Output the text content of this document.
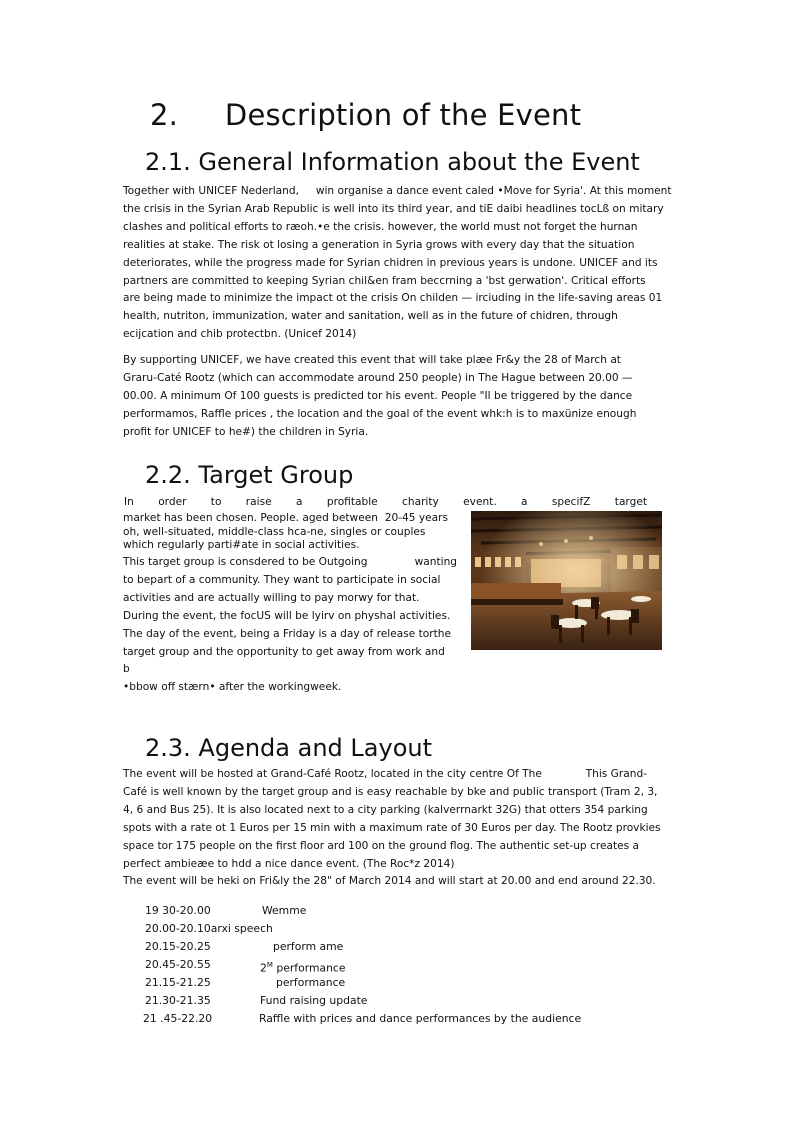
2. Description of the Event
2.1. General Information about the Event

Together with UNICEF Nederland,     win organise a dance event caled •Move for Syria'. At this moment

the crisis in the Syrian Arab Republic is well into its third year, and tiE daibi headlines tocLß on mitary

clashes and political efforts to ræoh.•e the crisis. however, the world must not forget the hurnan

realities at stake. The risk ot losing a generation in Syria grows with every day that the situation

deteriorates, while the progress made for Syrian chidren in previous years is undone. UNICEF and its

partners are committed to keeping Syrian chil&en fram beccrning a 'bst gerwation'. Critical efforts

are being made to minimize the impact ot the crisis On childen — irciuding in the life-saving areas 01

health, nutriton, immunization, water and sanitation, well as in the future of chidren, through

ecijcation and chib protectbn. (Unicef 2014)

By supporting UNICEF, we have created this event that will take plæe Fr&y the 28 of March at

Graru-Caté Rootz (which can accommodate around 250 people) in The Hague between 20.00 —

00.00. A minimum Of 100 guests is predicted tor his event. People "Il be triggered by the dance

performamos, Raffle prices , the location and the goal of the event whk:h is to maxünize enough

profit for UNICEF to he#) the children in Syria.

2.2. Target Group
In order to raise a profitable charity event. a specifZ target

market has been chosen. People. aged between  20-45 years

oh, well-situated, middle-class hca-ne, singles or couples

which regularly parti#ate in social activities.

This target group is consdered to be Outgoing              wanting

to bepart of a community. They want to participate in social

activities and are actually willing to pay morwy for that.

During the event, the focUS will be lyirv on physhal activities.

The day of the event, being a Friday is a day of release torthe

target group and the opportunity to get away from work and

b

•bbow off stærn• after the workingweek.

2.3. Agenda and Layout

The event will be hosted at Grand-Café Rootz, located in the city centre Of The             This Grand-

Café is well known by the target group and is easy reachable by bke and public transport (Tram 2, 3,

4, 6 and Bus 25). It is also located next to a city parking (kalverrnarkt 32G) that otters 354 parking

spots with a rate ot 1 Euros per 15 min with a maximum rate of 30 Euros per day. The Rootz provkies

space tor 175 people on the first floor ard 100 on the ground flog. The authentic set-up creates a

perfect ambieæe to hdd a nice dance event. (The Roc*z 2014)

The event will be heki on Fri&ly the 28" of March 2014 and will start at 20.00 and end around 22.30.

19 30-20.00	Wemme
20.00-20.10arxi speech
20.15-20.25	perform ame
20.45-20.55	$2^M$ performance
21.15-21.25	performance
21.30-21.35	Fund raising update
21 .45-22.20	Raffle with prices and dance performances by the audience
